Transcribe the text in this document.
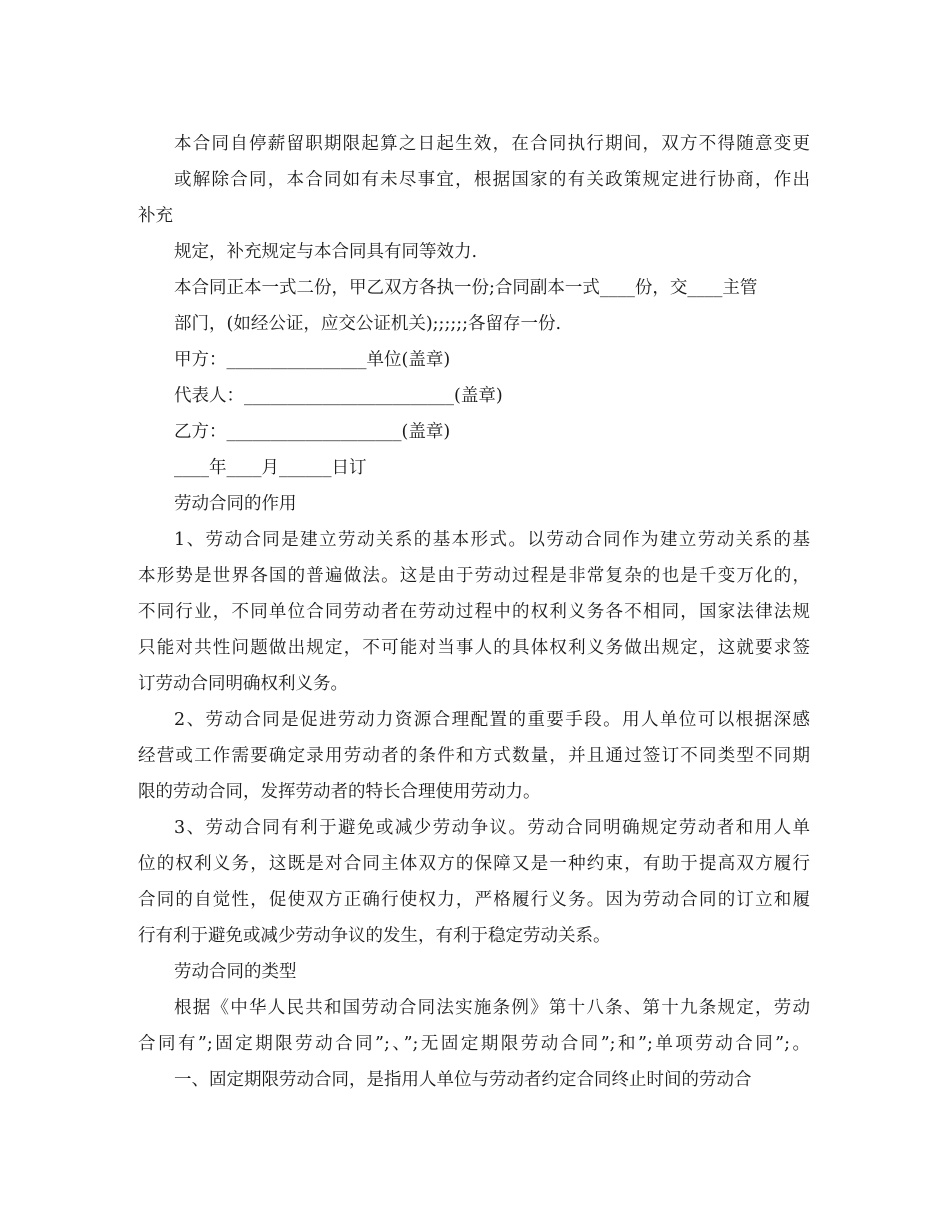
本合同自停薪留职期限起算之日起生效，在合同执行期间，双方不得随意变更
或解除合同，本合同如有未尽事宜，根据国家的有关政策规定进行协商，作出
补充
规定，补充规定与本合同具有同等效力.
本合同正本一式二份，甲乙双方各执一份;合同副本一式____份，交____主管
部门，(如经公证，应交公证机关);;;;;;各留存一份.
甲方：________________单位(盖章)
代表人：________________________(盖章)
乙方：____________________(盖章)
____年____月______日订
劳动合同的作用
1、劳动合同是建立劳动关系的基本形式。以劳动合同作为建立劳动关系的基
本形势是世界各国的普遍做法。这是由于劳动过程是非常复杂的也是千变万化的，
不同行业，不同单位合同劳动者在劳动过程中的权利义务各不相同，国家法律法规
只能对共性问题做出规定，不可能对当事人的具体权利义务做出规定，这就要求签
订劳动合同明确权利义务。
2、劳动合同是促进劳动力资源合理配置的重要手段。用人单位可以根据深感
经营或工作需要确定录用劳动者的条件和方式数量，并且通过签订不同类型不同期
限的劳动合同，发挥劳动者的特长合理使用劳动力。
3、劳动合同有利于避免或减少劳动争议。劳动合同明确规定劳动者和用人单
位的权利义务，这既是对合同主体双方的保障又是一种约束，有助于提高双方履行
合同的自觉性，促使双方正确行使权力，严格履行义务。因为劳动合同的订立和履
行有利于避免或减少劳动争议的发生，有利于稳定劳动关系。
劳动合同的类型
根据《中华人民共和国劳动合同法实施条例》第十八条、第十九条规定，劳动
合同有”;固定期限劳动合同”;、”;无固定期限劳动合同”;和”;单项劳动合同”;。
一、固定期限劳动合同，是指用人单位与劳动者约定合同终止时间的劳动合
